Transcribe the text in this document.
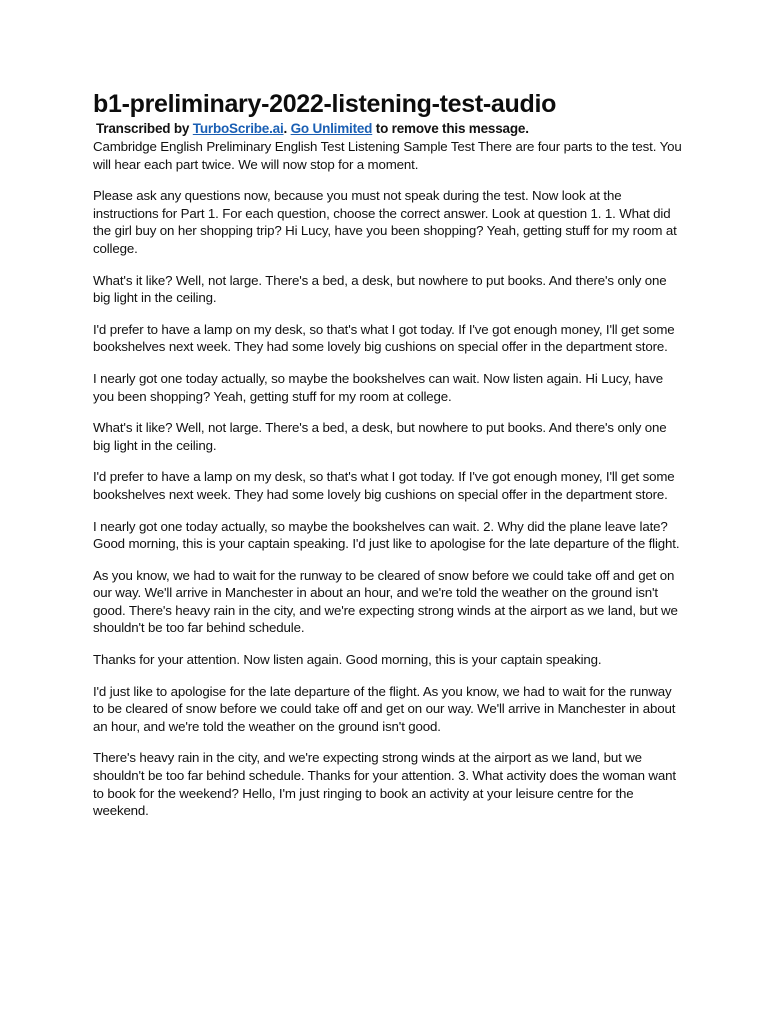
b1-preliminary-2022-listening-test-audio

Transcribed by TurboScribe.ai. Go Unlimited to remove this message.

Cambridge English Preliminary English Test Listening Sample Test There are four parts to the test. You will hear each part twice. We will now stop for a moment.

Please ask any questions now, because you must not speak during the test. Now look at the instructions for Part 1. For each question, choose the correct answer. Look at question 1. 1. What did the girl buy on her shopping trip? Hi Lucy, have you been shopping? Yeah, getting stuff for my room at college.

What's it like? Well, not large. There's a bed, a desk, but nowhere to put books. And there's only one big light in the ceiling.

I'd prefer to have a lamp on my desk, so that's what I got today. If I've got enough money, I'll get some bookshelves next week. They had some lovely big cushions on special offer in the department store.

I nearly got one today actually, so maybe the bookshelves can wait. Now listen again. Hi Lucy, have you been shopping? Yeah, getting stuff for my room at college.

What's it like? Well, not large. There's a bed, a desk, but nowhere to put books. And there's only one big light in the ceiling.

I'd prefer to have a lamp on my desk, so that's what I got today. If I've got enough money, I'll get some bookshelves next week. They had some lovely big cushions on special offer in the department store.

I nearly got one today actually, so maybe the bookshelves can wait. 2. Why did the plane leave late? Good morning, this is your captain speaking. I'd just like to apologise for the late departure of the flight.

As you know, we had to wait for the runway to be cleared of snow before we could take off and get on our way. We'll arrive in Manchester in about an hour, and we're told the weather on the ground isn't good. There's heavy rain in the city, and we're expecting strong winds at the airport as we land, but we shouldn't be too far behind schedule.

Thanks for your attention. Now listen again. Good morning, this is your captain speaking.

I'd just like to apologise for the late departure of the flight. As you know, we had to wait for the runway to be cleared of snow before we could take off and get on our way. We'll arrive in Manchester in about an hour, and we're told the weather on the ground isn't good.

There's heavy rain in the city, and we're expecting strong winds at the airport as we land, but we shouldn't be too far behind schedule. Thanks for your attention. 3. What activity does the woman want to book for the weekend? Hello, I'm just ringing to book an activity at your leisure centre for the weekend.
